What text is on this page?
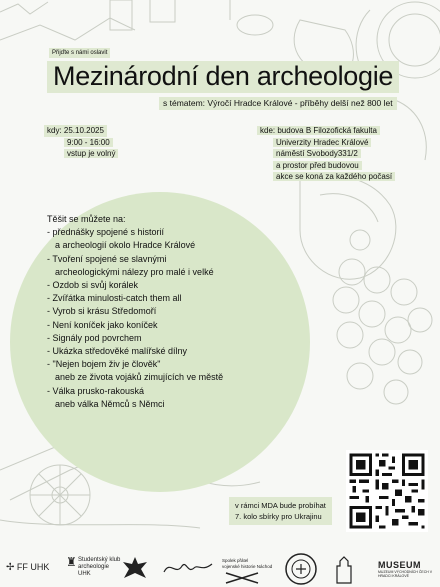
Přijďte s námi oslavit
Mezinárodní den archeologie
s tématem: Výročí Hradce Králové - příběhy delší než 800 let
kdy: 25.10.2025
9:00 - 16:00
vstup je volný
kde: budova B Filozofická fakulta
Univerzity Hradec Králové
náměstí Svobody331/2
a prostor před budovou
akce se koná za každého počasí
Těšit se můžete na:
- přednášky spojené s historií
a archeologií okolo Hradce Králové
- Tvoření spojené se slavnými
archeologickými nálezy pro malé i velké
- Ozdob si svůj korálek
- Zvířátka minulosti-catch them all
- Vyrob si krásu Středomoří
- Není koníček jako koníček
- Signály pod povrchem
- Ukázka středověké malířské dílny
- "Nejen bojem živ je člověk"
aneb ze života vojáků zimujících ve městě
- Válka prusko-rakouská
aneb válka Němců s Němci
v rámci MDA bude probíhat
7. kolo sbírky pro Ukrajinu
✢ FF UHK ♜ Studentský klub
archeologie
UHK
Spolek přátel
vojenské historie Náchod	MUSEUM
MUZEUM VÝCHODNÍCH ČECH V HRADCI KRÁLOVÉ
